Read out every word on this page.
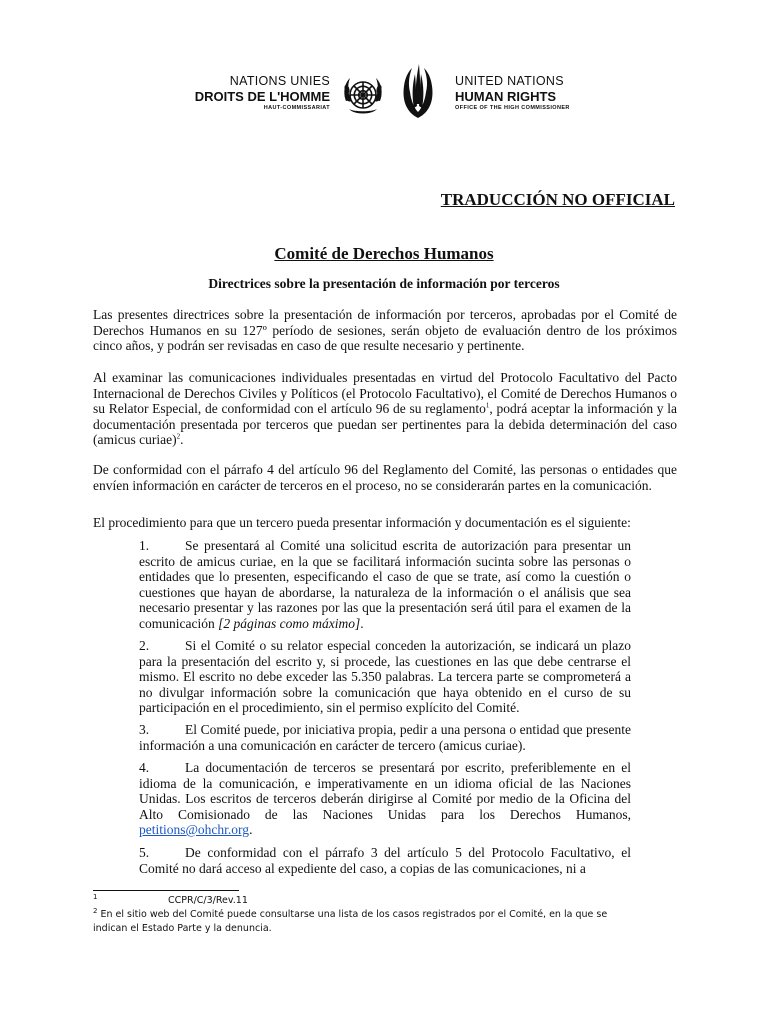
NATIONS UNIES
DROITS DE L'HOMME
HAUT-COMMISSARIAT
UNITED NATIONS
HUMAN RIGHTS
OFFICE OF THE HIGH COMMISSIONER
TRADUCCIÓN NO OFFICIAL
Comité de Derechos Humanos
Directrices sobre la presentación de información por terceros

Las presentes directrices sobre la presentación de información por terceros, aprobadas por el Comité de Derechos Humanos en su 127º período de sesiones, serán objeto de evaluación dentro de los próximos cinco años, y podrán ser revisadas en caso de que resulte necesario y pertinente.

Al examinar las comunicaciones individuales presentadas en virtud del Protocolo Facultativo del Pacto Internacional de Derechos Civiles y Políticos (el Protocolo Facultativo), el Comité de Derechos Humanos o su Relator Especial, de conformidad con el artículo 96 de su reglamento$^1$, podrá aceptar la información y la documentación presentada por terceros que puedan ser pertinentes para la debida determinación del caso (amicus curiae)$^2$.

De conformidad con el párrafo 4 del artículo 96 del Reglamento del Comité, las personas o entidades que envíen información en carácter de terceros en el proceso, no se considerarán partes en la comunicación.

El procedimiento para que un tercero pueda presentar información y documentación es el siguiente:

1.	Se presentará al Comité una solicitud escrita de autorización para presentar un escrito de amicus curiae, en la que se facilitará información sucinta sobre las personas o entidades que lo presenten, especificando el caso de que se trate, así como la cuestión o cuestiones que hayan de abordarse, la naturaleza de la información o el análisis que sea necesario presentar y las razones por las que la presentación será útil para el examen de la comunicación [2 páginas como máximo].

2.	Si el Comité o su relator especial conceden la autorización, se indicará un plazo para la presentación del escrito y, si procede, las cuestiones en las que debe centrarse el mismo. El escrito no debe exceder las 5.350 palabras. La tercera parte se comprometerá a no divulgar información sobre la comunicación que haya obtenido en el curso de su participación en el procedimiento, sin el permiso explícito del Comité.

3.	El Comité puede, por iniciativa propia, pedir a una persona o entidad que presente información a una comunicación en carácter de tercero (amicus curiae).

4.	La documentación de terceros se presentará por escrito, preferiblemente en el idioma de la comunicación, e imperativamente en un idioma oficial de las Naciones Unidas. Los escritos de terceros deberán dirigirse al Comité por medio de la Oficina del Alto Comisionado de las Naciones Unidas para los Derechos Humanos, petitions@ohchr.org.

5.	De conformidad con el párrafo 3 del artículo 5 del Protocolo Facultativo, el Comité no dará acceso al expediente del caso, a copias de las comunicaciones, ni a

$^1$	CCPR/C/3/Rev.11

$^2$ En el sitio web del Comité puede consultarse una lista de los casos registrados por el Comité, en la que se indican el Estado Parte y la denuncia.
